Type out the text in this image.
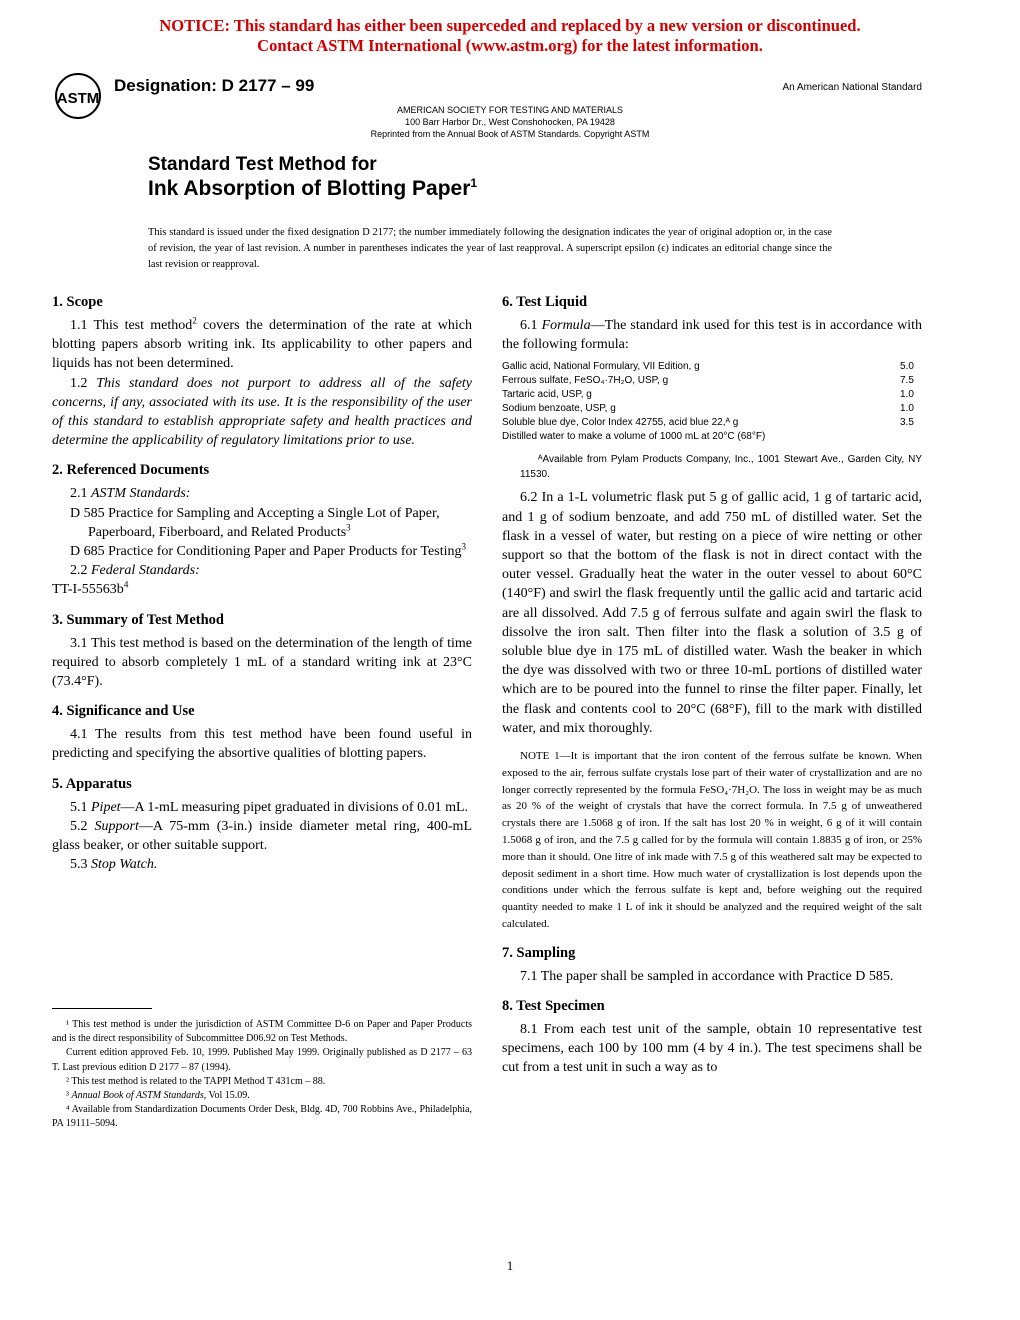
NOTICE: This standard has either been superceded and replaced by a new version or discontinued.
Contact ASTM International (www.astm.org) for the latest information.
ASTM
Designation: D 2177 – 99	An American National Standard
AMERICAN SOCIETY FOR TESTING AND MATERIALS
100 Barr Harbor Dr., West Conshohocken, PA 19428
Reprinted from the Annual Book of ASTM Standards. Copyright ASTM
Standard Test Method for
Ink Absorption of Blotting Paper$^1$
This standard is issued under the fixed designation D 2177; the number immediately following the designation indicates the year of original adoption or, in the case of revision, the year of last revision. A number in parentheses indicates the year of last reapproval. A superscript epsilon (ϵ) indicates an editorial change since the last revision or reapproval.
1. Scope

1.1 This test method$^2$ covers the determination of the rate at which blotting papers absorb writing ink. Its applicability to other papers and liquids has not been determined.

1.2 This standard does not purport to address all of the safety concerns, if any, associated with its use. It is the responsibility of the user of this standard to establish appropriate safety and health practices and determine the applicability of regulatory limitations prior to use.

2. Referenced Documents
2.1 ASTM Standards:
D 585 Practice for Sampling and Accepting a Single Lot of Paper, Paperboard, Fiberboard, and Related Products$^3$
D 685 Practice for Conditioning Paper and Paper Products for Testing$^3$
2.2 Federal Standards:
$TT-I-55563b^4$
3. Summary of Test Method

3.1 This test method is based on the determination of the length of time required to absorb completely 1 mL of a standard writing ink at 23°C (73.4°F).

4. Significance and Use

4.1 The results from this test method have been found useful in predicting and specifying the absortive qualities of blotting papers.

5. Apparatus

5.1 Pipet—A 1-mL measuring pipet graduated in divisions of 0.01 mL.

5.2 Support—A 75-mm (3-in.) inside diameter metal ring, 400-mL glass beaker, or other suitable support.

5.3 Stop Watch.

¹ This test method is under the jurisdiction of ASTM Committee D-6 on Paper and Paper Products and is the direct responsibility of Subcommittee D06.92 on Test Methods.

Current edition approved Feb. 10, 1999. Published May 1999. Originally published as D 2177 – 63 T. Last previous edition D 2177 – 87 (1994).

² This test method is related to the TAPPI Method T 431cm – 88.

³ Annual Book of ASTM Standards, Vol 15.09.

⁴ Available from Standardization Documents Order Desk, Bldg. 4D, 700 Robbins Ave., Philadelphia, PA 19111–5094.

6. Test Liquid

6.1 Formula—The standard ink used for this test is in accordance with the following formula:

Gallic acid, National Formulary, VII Edition, g	5.0
Ferrous sulfate, FeSO₄·7H₂O, USP, g	7.5
Tartaric acid, USP, g	1.0
Sodium benzoate, USP, g	1.0
Soluble blue dye, Color Index 42755, acid blue 22,ᴬ g	3.5
Distilled water to make a volume of 1000 mL at 20°C (68°F)

ᴬAvailable from Pylam Products Company, Inc., 1001 Stewart Ave., Garden City, NY 11530.

6.2 In a 1-L volumetric flask put 5 g of gallic acid, 1 g of tartaric acid, and 1 g of sodium benzoate, and add 750 mL of distilled water. Set the flask in a vessel of water, but resting on a piece of wire netting or other support so that the bottom of the flask is not in direct contact with the outer vessel. Gradually heat the water in the outer vessel to about 60°C (140°F) and swirl the flask frequently until the gallic acid and tartaric acid are all dissolved. Add 7.5 g of ferrous sulfate and again swirl the flask to dissolve the iron salt. Then filter into the flask a solution of 3.5 g of soluble blue dye in 175 mL of distilled water. Wash the beaker in which the dye was dissolved with two or three 10-mL portions of distilled water which are to be poured into the funnel to rinse the filter paper. Finally, let the flask and contents cool to 20°C (68°F), fill to the mark with distilled water, and mix thoroughly.

NOTE 1—It is important that the iron content of the ferrous sulfate be known. When exposed to the air, ferrous sulfate crystals lose part of their water of crystallization and are no longer correctly represented by the formula FeSO₄·7H₂O. The loss in weight may be as much as 20 % of the weight of crystals that have the correct formula. In 7.5 g of unweathered crystals there are 1.5068 g of iron. If the salt has lost 20 % in weight, 6 g of it will contain 1.5068 g of iron, and the 7.5 g called for by the formula will contain 1.8835 g of iron, or 25% more than it should. One litre of ink made with 7.5 g of this weathered salt may be expected to deposit sediment in a short time. How much water of crystallization is lost depends upon the conditions under which the ferrous sulfate is kept and, before weighing out the required quantity needed to make 1 L of ink it should be analyzed and the required weight of the salt calculated.
7. Sampling

7.1 The paper shall be sampled in accordance with Practice D 585.

8. Test Specimen

8.1 From each test unit of the sample, obtain 10 representative test specimens, each 100 by 100 mm (4 by 4 in.). The test specimens shall be cut from a test unit in such a way as to

1
